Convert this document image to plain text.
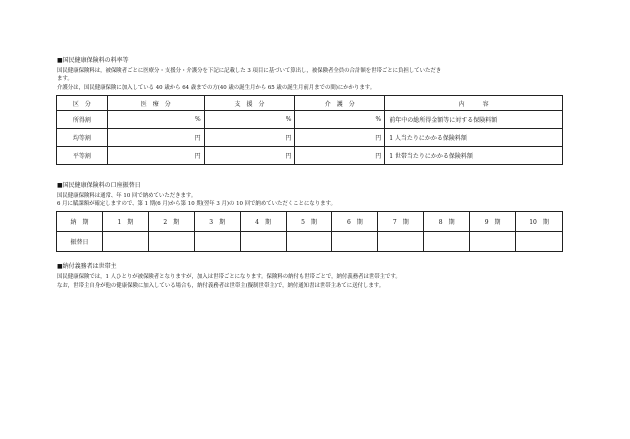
■国民健康保険料の料率等
国民健康保険料は，被保険者ごとに医療分・支援分・介護分を下記に記載した 3 項目に基づいて算出し，被保険者全員の合計額を世帯ごとに負担していただき
ます。
介護分は，国民健康保険に加入している 40 歳から 64 歳までの方(40 歳の誕生月から 65 歳の誕生月前月までの間)にかかります。
区　分	医　療　分	支　援　分	介　護　分	内　　　容
所得割	%	%	%	前年中の総所得金額等に対する保険料額
均等割	円	円	円	1 人当たりにかかる保険料額
平等割	円	円	円	1 世帯当たりにかかる保険料額
■国民健康保険料の口座振替日
国民健康保険料は通常、年 10 回で納めていただきます。
6 月に賦課額が確定しますので、第 1 期(6 月)から第 10 期(翌年 3 月)の 10 回で納めていただくことになります。
納　期	1　期	2　期	3　期	4　期	5　期	6　期	7　期	8　期	9　期	10　期
振替日										
■納付義務者は世帯主
国民健康保険では，1 人ひとりが被保険者となりますが，加入は世帯ごとになります。保険料の納付も世帯ごとで，納付義務者は世帯主です。
なお，世帯主自身が他の健康保険に加入している場合も，納付義務者は世帯主(擬制世帯主)で，納付通知書は世帯主あてに送付します。
